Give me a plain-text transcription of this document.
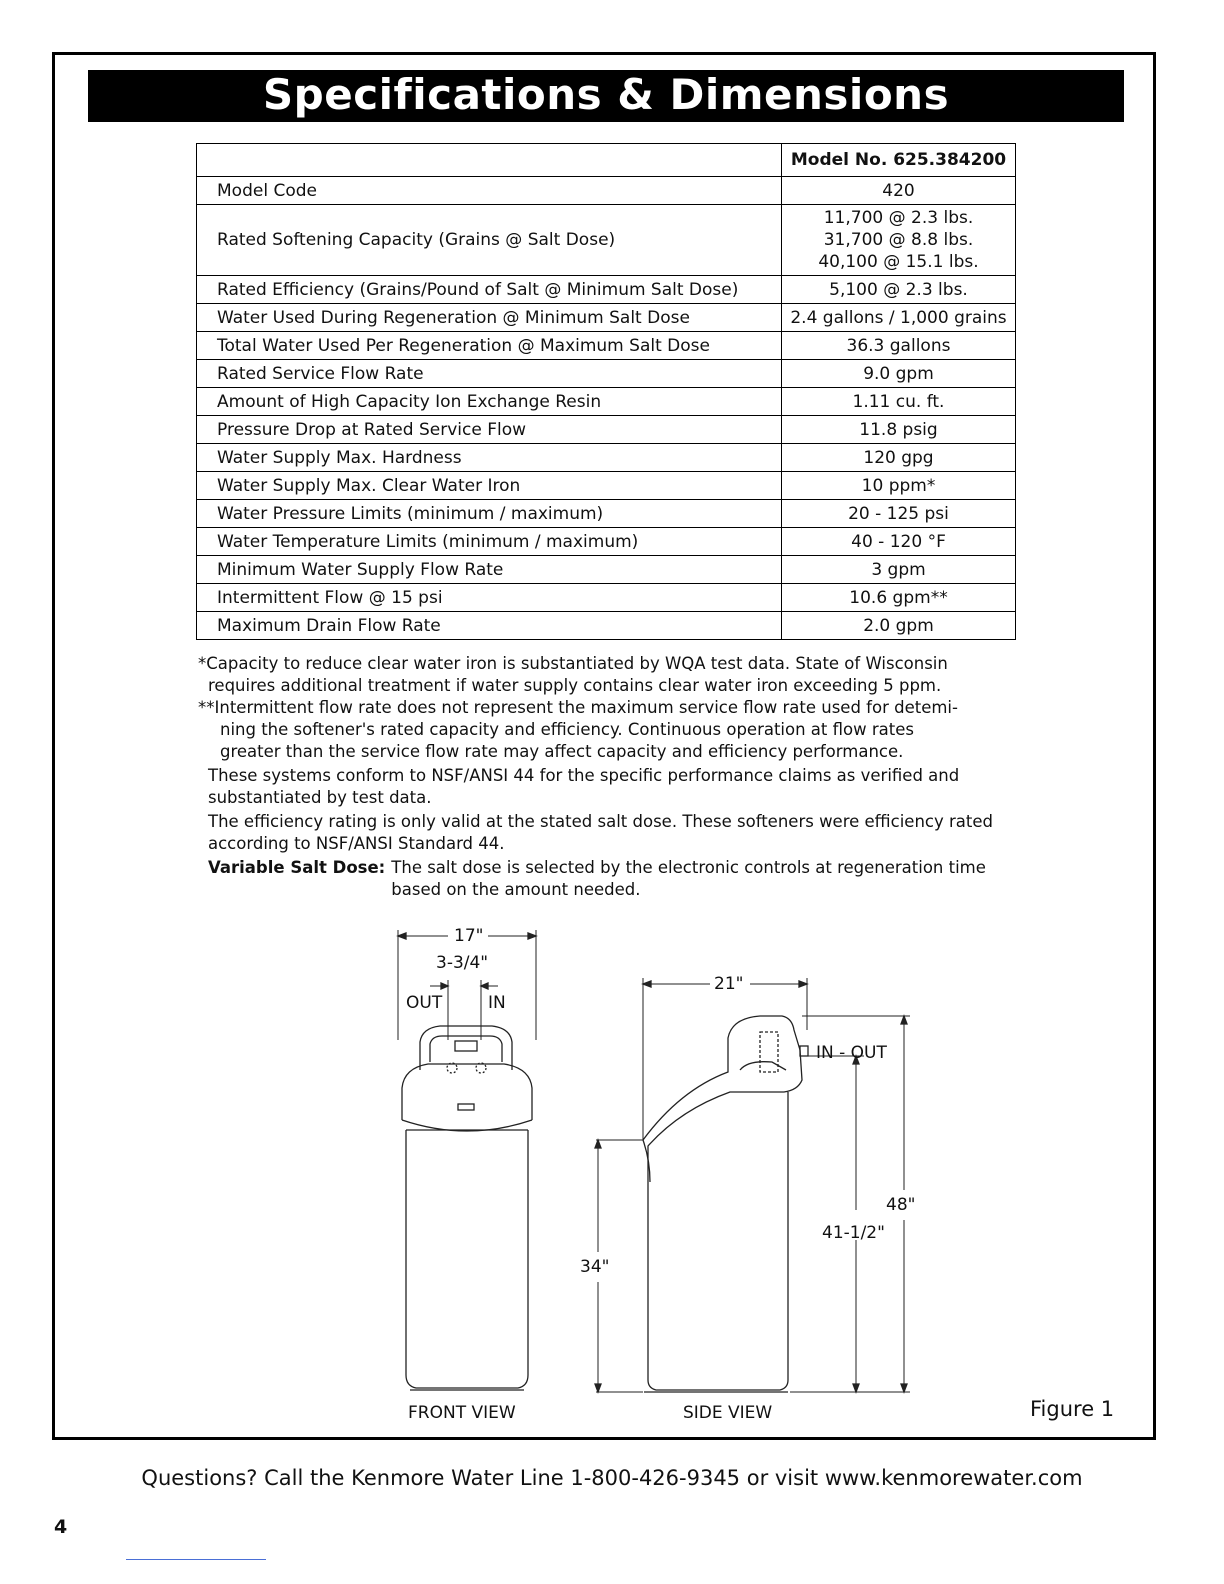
Specifications & Dimensions
	Model No. 625.384200
Model Code	420

Rated Softening Capacity (Grains @ Salt Dose)	11,700 @ 2.3 lbs.
31,700 @ 8.8 lbs.
40,100 @ 15.1 lbs.

Rated Efficiency (Grains/Pound of Salt @ Minimum Salt Dose)	5,100 @ 2.3 lbs.

Water Used During Regeneration @ Minimum Salt Dose	2.4 gallons / 1,000 grains

Total Water Used Per Regeneration @ Maximum Salt Dose	36.3 gallons

Rated Service Flow Rate	9.0 gpm

Amount of High Capacity Ion Exchange Resin	1.11 cu. ft.

Pressure Drop at Rated Service Flow	11.8 psig

Water Supply Max. Hardness	120 gpg

Water Supply Max. Clear Water Iron	10 ppm*

Water Pressure Limits (minimum / maximum)	20 - 125 psi

Water Temperature Limits (minimum / maximum)	40 - 120 °F

Minimum Water Supply Flow Rate	3 gpm

Intermittent Flow @ 15 psi	10.6 gpm**

Maximum Drain Flow Rate	2.0 gpm

*Capacity to reduce clear water iron is substantiated by WQA test data. State of Wisconsin

requires additional treatment if water supply contains clear water iron exceeding 5 ppm.

**Intermittent flow rate does not represent the maximum service flow rate used for detemi-

ning the softener's rated capacity and efficiency. Continuous operation at flow rates

greater than the service flow rate may affect capacity and efficiency performance.

These systems conform to NSF/ANSI 44 for the specific performance claims as verified and substantiated by test data.

The efficiency rating is only valid at the stated salt dose. These softeners were efficiency rated according to NSF/ANSI Standard 44.

Variable Salt Dose: The salt dose is selected by the electronic controls at regeneration time based on the amount needed.
17"
3-3/4"
OUT	IN
21"
IN - OUT
48"
41-1/2"
34"
FRONT VIEW	SIDE VIEW	Figure 1
Questions? Call the Kenmore Water Line 1-800-426-9345 or visit www.kenmorewater.com
4
